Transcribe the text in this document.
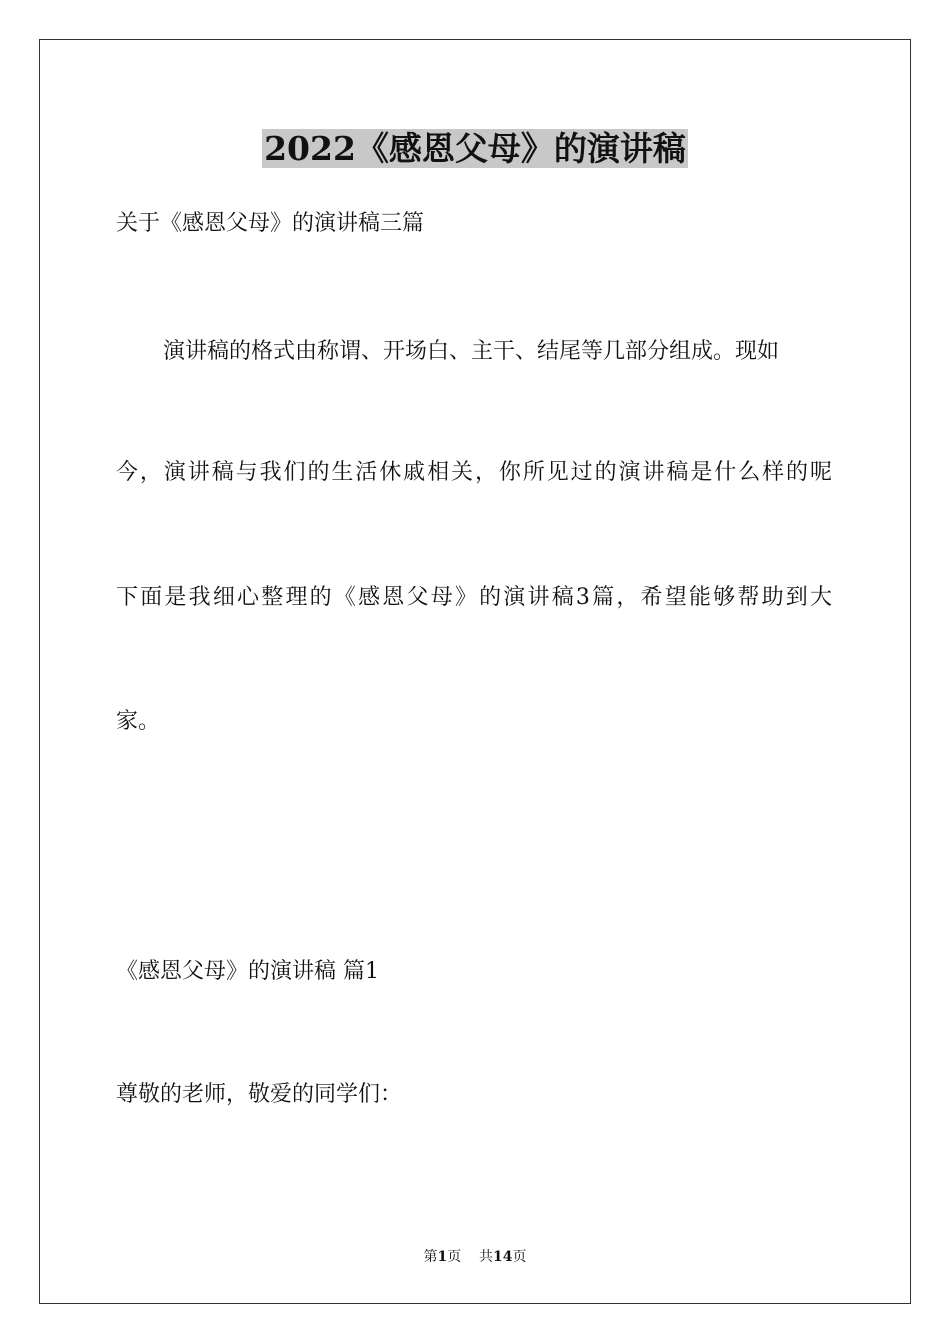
2022《感恩父母》的演讲稿
关于《感恩父母》的演讲稿三篇
演讲稿的格式由称谓、开场白、主干、结尾等几部分组成。现如
今，演讲稿与我们的生活休戚相关，你所见过的演讲稿是什么样的呢
下面是我细心整理的《感恩父母》的演讲稿3篇，希望能够帮助到大
家。
《感恩父母》的演讲稿 篇1
尊敬的老师，敬爱的同学们：
第1页 共14页
